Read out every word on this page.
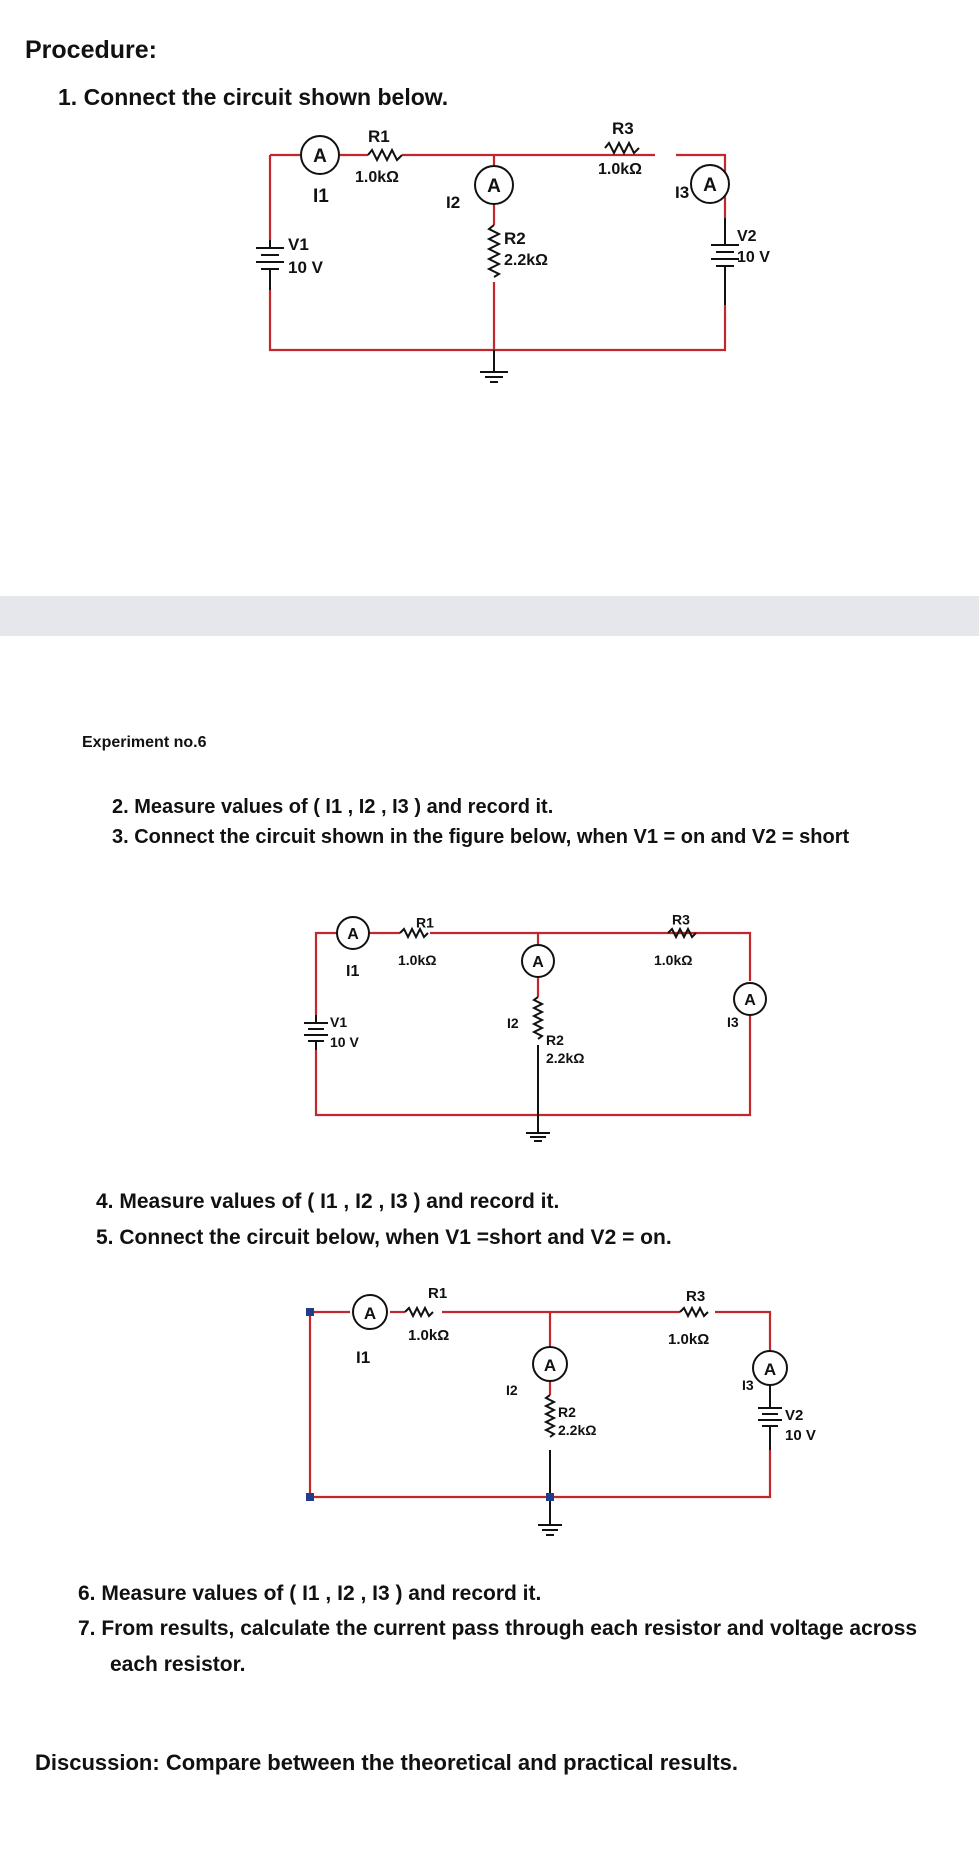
Procedure:
1. Connect the circuit shown below.
A
A	A
R1
1.0kΩ
R3
1.0kΩ
R2
2.2kΩ
V1
10 V
V2
10 V
I1	I2
I3
Experiment no.6
2. Measure values of ( I1 , I2 , I3 ) and record it.
3. Connect the circuit shown in the figure below, when V1 = on and V2 = short
A
A
A
R1
1.0kΩ
R3
1.0kΩ
R2
2.2kΩ
V1
10 V
I1
I2	I3
4. Measure values of ( I1 , I2 , I3 ) and record it.
5. Connect the circuit below, when V1 =short and V2 = on.
A
A	A
R1
1.0kΩ
R3
1.0kΩ
R2
2.2kΩ
V2
10 V
I1
I2	I3
6. Measure values of ( I1 , I2 , I3 ) and record it.
7. From results, calculate the current pass through each resistor and voltage across
each resistor.
Discussion: Compare between the theoretical and practical results.
